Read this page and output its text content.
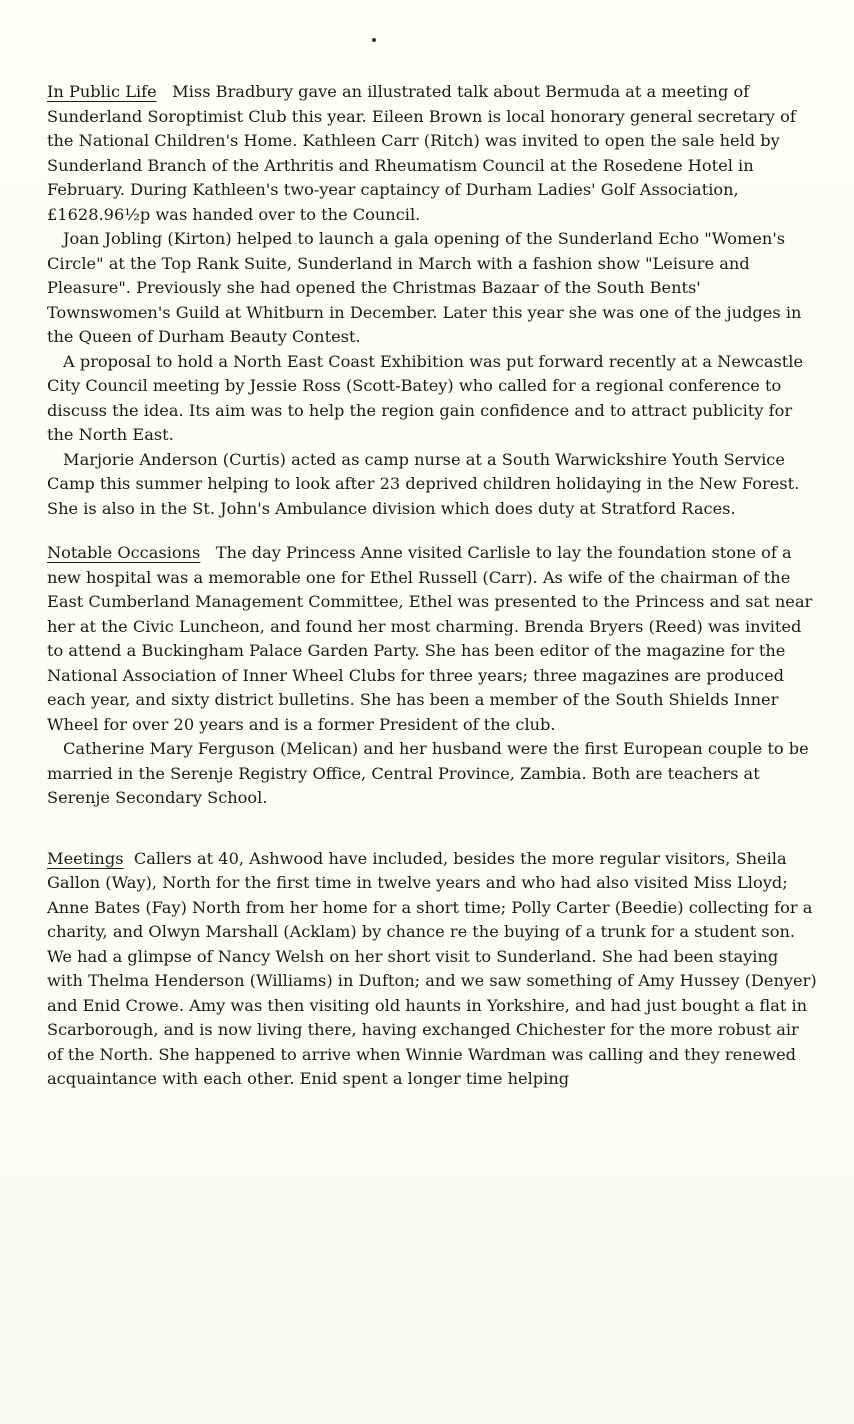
In Public Life Miss Bradbury gave an illustrated talk about Bermuda at a meeting of Sunderland Soroptimist Club this year. Eileen Brown is local honorary general secretary of the National Children's Home. Kathleen Carr (Ritch) was invited to open the sale held by Sunderland Branch of the Arthritis and Rheumatism Council at the Rosedene Hotel in February. During Kathleen's two-year captaincy of Durham Ladies' Golf Association, £1628.96½p was handed over to the Council.

Joan Jobling (Kirton) helped to launch a gala opening of the Sunderland Echo "Women's Circle" at the Top Rank Suite, Sunderland in March with a fashion show "Leisure and Pleasure". Previously she had opened the Christmas Bazaar of the South Bents' Townswomen's Guild at Whitburn in December. Later this year she was one of the judges in the Queen of Durham Beauty Contest.

A proposal to hold a North East Coast Exhibition was put forward recently at a Newcastle City Council meeting by Jessie Ross (Scott-Batey) who called for a regional conference to discuss the idea. Its aim was to help the region gain confidence and to attract publicity for the North East.

Marjorie Anderson (Curtis) acted as camp nurse at a South Warwickshire Youth Service Camp this summer helping to look after 23 deprived children holidaying in the New Forest. She is also in the St. John's Ambulance division which does duty at Stratford Races.

Notable Occasions The day Princess Anne visited Carlisle to lay the foundation stone of a new hospital was a memorable one for Ethel Russell (Carr). As wife of the chairman of the East Cumberland Management Committee, Ethel was presented to the Princess and sat near her at the Civic Luncheon, and found her most charming. Brenda Bryers (Reed) was invited to attend a Buckingham Palace Garden Party. She has been editor of the magazine for the National Association of Inner Wheel Clubs for three years; three magazines are produced each year, and sixty district bulletins. She has been a member of the South Shields Inner Wheel for over 20 years and is a former President of the club.

Catherine Mary Ferguson (Melican) and her husband were the first European couple to be married in the Serenje Registry Office, Central Province, Zambia. Both are teachers at Serenje Secondary School.

Meetings Callers at 40, Ashwood have included, besides the more regular visitors, Sheila Gallon (Way), North for the first time in twelve years and who had also visited Miss Lloyd; Anne Bates (Fay) North from her home for a short time; Polly Carter (Beedie) collecting for a charity, and Olwyn Marshall (Acklam) by chance re the buying of a trunk for a student son. We had a glimpse of Nancy Welsh on her short visit to Sunderland. She had been staying with Thelma Henderson (Williams) in Dufton; and we saw something of Amy Hussey (Denyer) and Enid Crowe. Amy was then visiting old haunts in Yorkshire, and had just bought a flat in Scarborough, and is now living there, having exchanged Chichester for the more robust air of the North. She happened to arrive when Winnie Wardman was calling and they renewed acquaintance with each other. Enid spent a longer time helping
